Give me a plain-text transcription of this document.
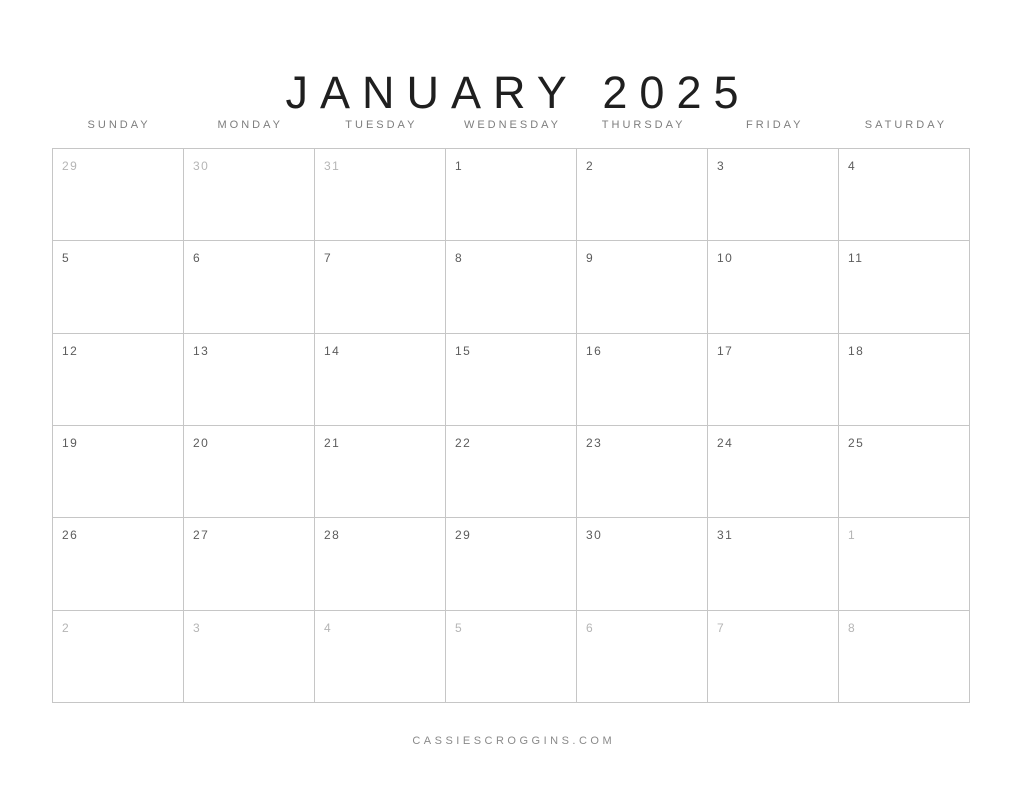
JANUARY 2025
SUNDAY	MONDAY	TUESDAY	WEDNESDAY	THURSDAY	FRIDAY	SATURDAY
29	30	31	1	2	3	4
5	6	7	8	9	10	11
12	13	14	15	16	17	18
19	20	21	22	23	24	25
26	27	28	29	30	31	1
2	3	4	5	6	7	8
CASSIESCROGGINS.COM
